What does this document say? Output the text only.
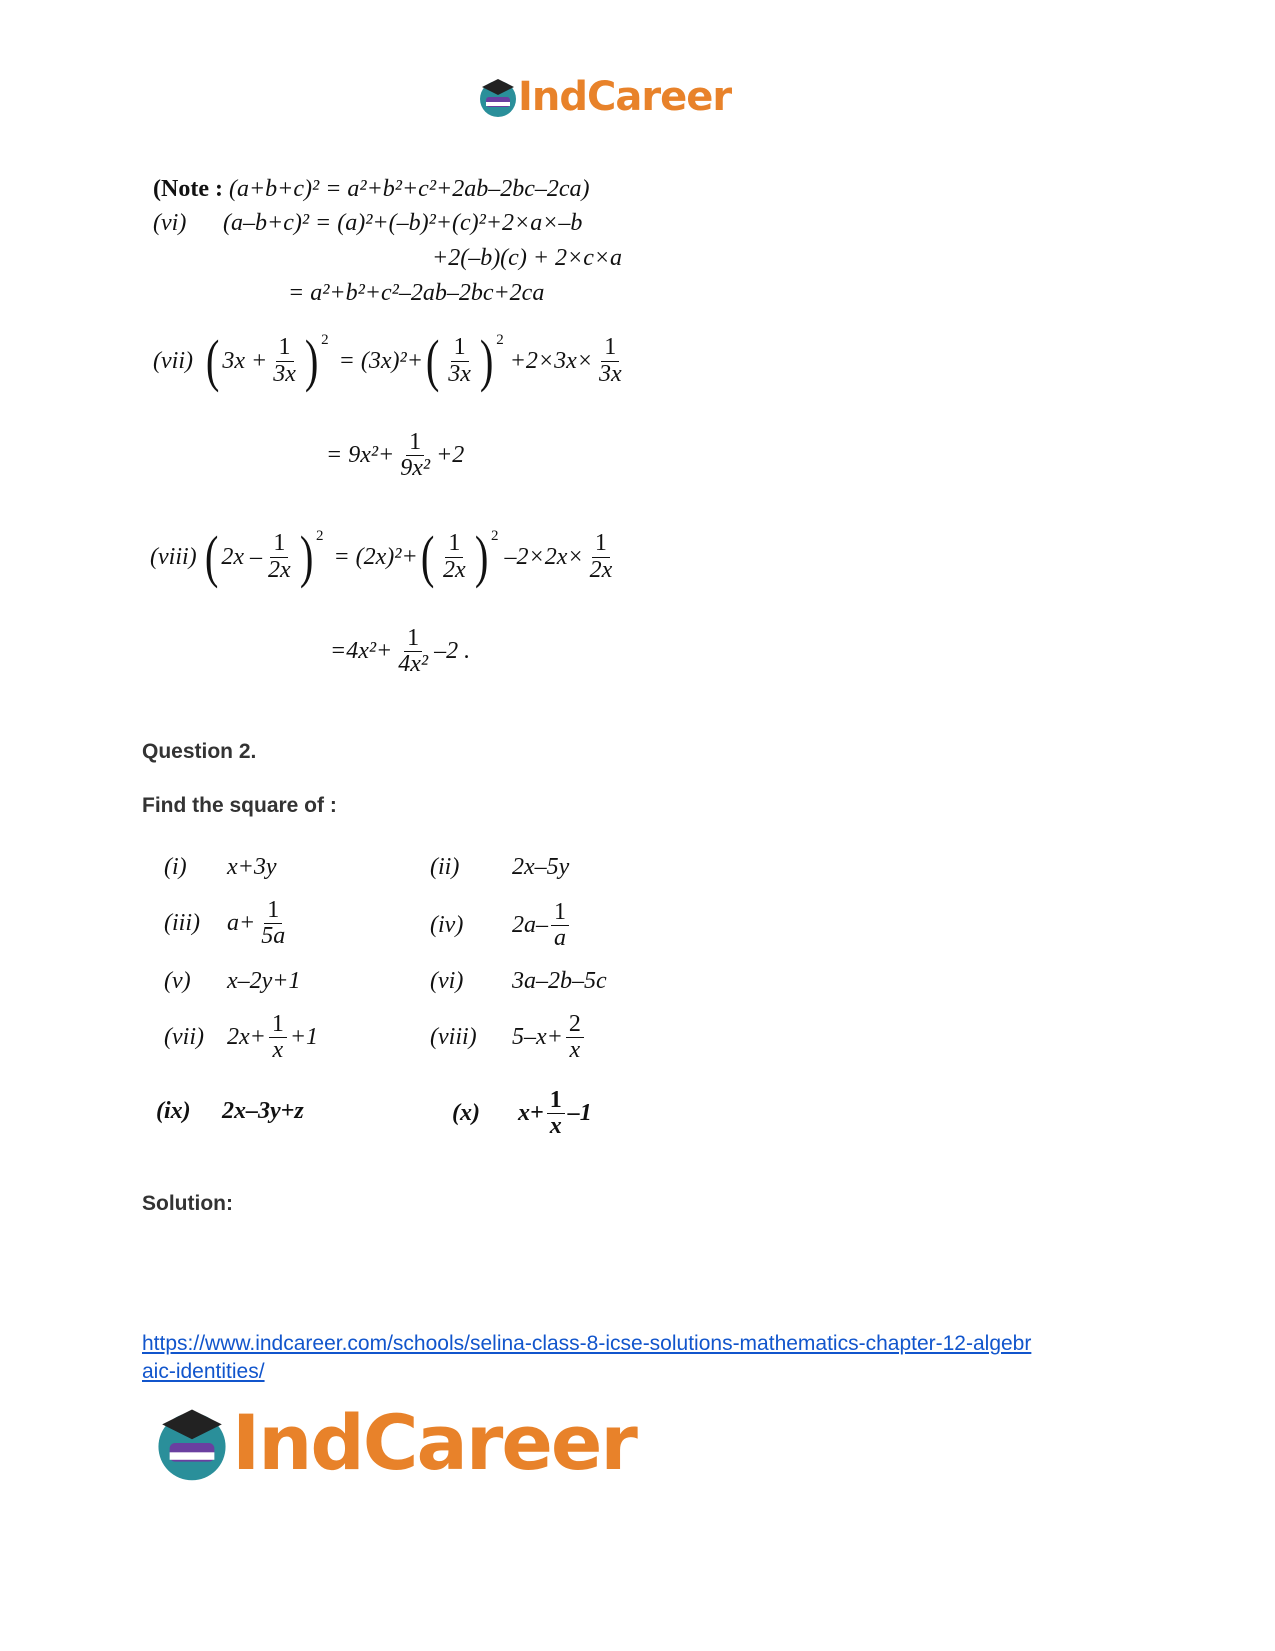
IndCareer
(Note : (a+b+c)² = a²+b²+c²+2ab–2bc–2ca)
(vi) (a–b+c)² = (a)²+(–b)²+(c)²+2×a×–b
+2(–b)(c) + 2×c×a
= a²+b²+c²–2ab–2bc+2ca
(vii) ( $3x + \frac{1}{3x} )^2$
= (3x)²+ ( $\frac{1}{3x} )^2$
$+2\times 3x\times \frac{1}{3x}$
= $9x^2+ \frac{1}{\text{9x²}} +2$
(viii) ( $2x - \frac{1}{2x} )^2$
= (2x)²+ ( $\frac{1}{2x} )^2$
$-2\times 2x\times \frac{1}{2x}$
$=4x^2+ \frac{1}{\text{4x²}} -2$ .
Question 2.
Find the square of :
(i) x+3y	(ii) 2x–5y
(iii)	$a+ \frac{1}{5a}$	(iv)	$2a- \frac{1}{a}$
(v) x–2y+1	(vi) 3a–2b–5c
(vii) $2x+ \frac{1}{x} +1$	(viii)	$5-x+ \frac{2}{x}$
(ix) 2x–3y+z	(x)	$x+ \frac{1}{x} -1$
Solution:
https://www.indcareer.com/schools/selina-class-8-icse-solutions-mathematics-chapter-12-algebr
aic-identities/
IndCareer
